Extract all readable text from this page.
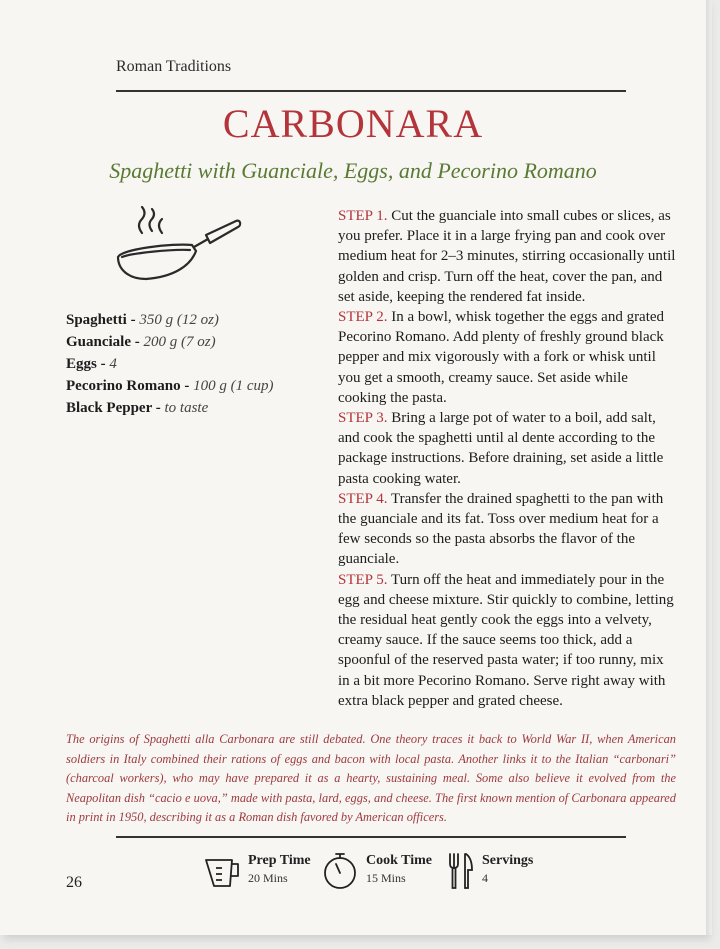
Roman Traditions
CARBONARA
Spaghetti with Guanciale, Eggs, and Pecorino Romano
Spaghetti - 350 g (12 oz)
Guanciale - 200 g (7 oz)
Eggs - 4
Pecorino Romano - 100 g (1 cup)
Black Pepper - to taste
STEP 1. Cut the guanciale into small cubes or slices, as you prefer. Place it in a large frying pan and cook over medium heat for 2–3 minutes, stirring occasionally until golden and crisp. Turn off the heat, cover the pan, and set aside, keeping the rendered fat inside.
STEP 2. In a bowl, whisk together the eggs and grated Pecorino Romano. Add plenty of freshly ground black pepper and mix vigorously with a fork or whisk until you get a smooth, creamy sauce. Set aside while cooking the pasta.
STEP 3. Bring a large pot of water to a boil, add salt, and cook the spaghetti until al dente according to the package instructions. Before draining, set aside a little pasta cooking water.
STEP 4. Transfer the drained spaghetti to the pan with the guanciale and its fat. Toss over medium heat for a few seconds so the pasta absorbs the flavor of the guanciale.
STEP 5. Turn off the heat and immediately pour in the egg and cheese mixture. Stir quickly to combine, letting the residual heat gently cook the eggs into a velvety, creamy sauce. If the sauce seems too thick, add a spoonful of the reserved pasta water; if too runny, mix in a bit more Pecorino Romano. Serve right away with extra black pepper and grated cheese.
The origins of Spaghetti alla Carbonara are still debated. One theory traces it back to World War II, when American soldiers in Italy combined their rations of eggs and bacon with local pasta. Another links it to the Italian “carbonari” (charcoal workers), who may have prepared it as a hearty, sustaining meal. Some also believe it evolved from the Neapolitan dish “cacio e uova,” made with pasta, lard, eggs, and cheese. The first known mention of Carbonara appeared in print in 1950, describing it as a Roman dish favored by American officers.
26
Prep Time
20 Mins
Cook Time
15 Mins
Servings
4
